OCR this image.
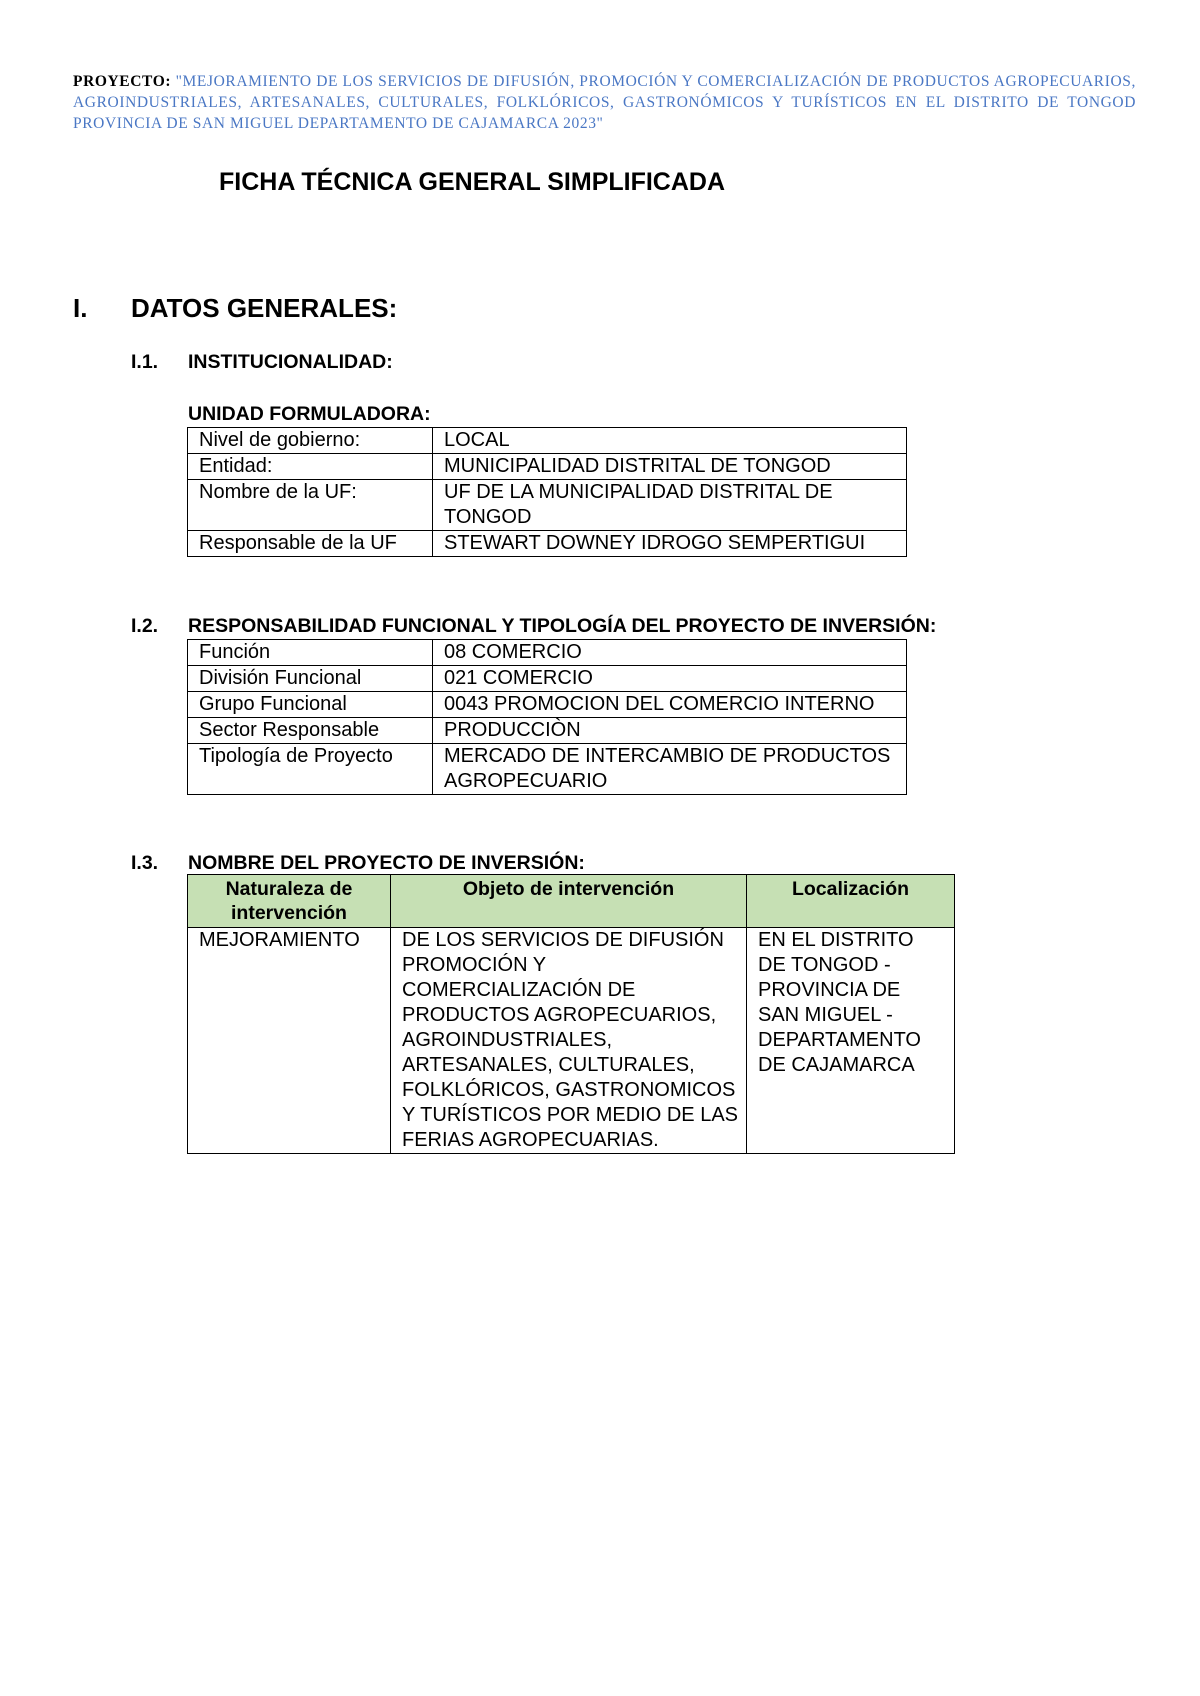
PROYECTO: "MEJORAMIENTO DE LOS SERVICIOS DE DIFUSIÓN, PROMOCIÓN Y COMERCIALIZACIÓN DE PRODUCTOS AGROPECUARIOS, AGROINDUSTRIALES, ARTESANALES, CULTURALES, FOLKLÓRICOS, GASTRONÓMICOS Y TURÍSTICOS EN EL DISTRITO DE TONGOD PROVINCIA DE SAN MIGUEL DEPARTAMENTO DE CAJAMARCA 2023"
FICHA TÉCNICA GENERAL SIMPLIFICADA
I. DATOS GENERALES:
I.1. INSTITUCIONALIDAD:
UNIDAD FORMULADORA:
Nivel de gobierno:	LOCAL
Entidad:	MUNICIPALIDAD DISTRITAL DE TONGOD
Nombre de la UF:	UF DE LA MUNICIPALIDAD DISTRITAL DE TONGOD
Responsable de la UF	STEWART DOWNEY IDROGO SEMPERTIGUI
I.2. RESPONSABILIDAD FUNCIONAL Y TIPOLOGÍA DEL PROYECTO DE INVERSIÓN:
Función	08 COMERCIO
División Funcional	021 COMERCIO
Grupo Funcional	0043 PROMOCION DEL COMERCIO INTERNO
Sector Responsable	PRODUCCIÒN
Tipología de Proyecto	MERCADO DE INTERCAMBIO DE PRODUCTOS AGROPECUARIO
I.3. NOMBRE DEL PROYECTO DE INVERSIÓN:
Naturaleza de intervención	Objeto de intervención	Localización
MEJORAMIENTO	DE LOS SERVICIOS DE DIFUSIÓN PROMOCIÓN Y COMERCIALIZACIÓN DE PRODUCTOS AGROPECUARIOS, AGROINDUSTRIALES, ARTESANALES, CULTURALES, FOLKLÓRICOS, GASTRONOMICOS Y TURÍSTICOS POR MEDIO DE LAS FERIAS AGROPECUARIAS.	EN EL DISTRITO DE TONGOD - PROVINCIA DE SAN MIGUEL - DEPARTAMENTO DE CAJAMARCA
